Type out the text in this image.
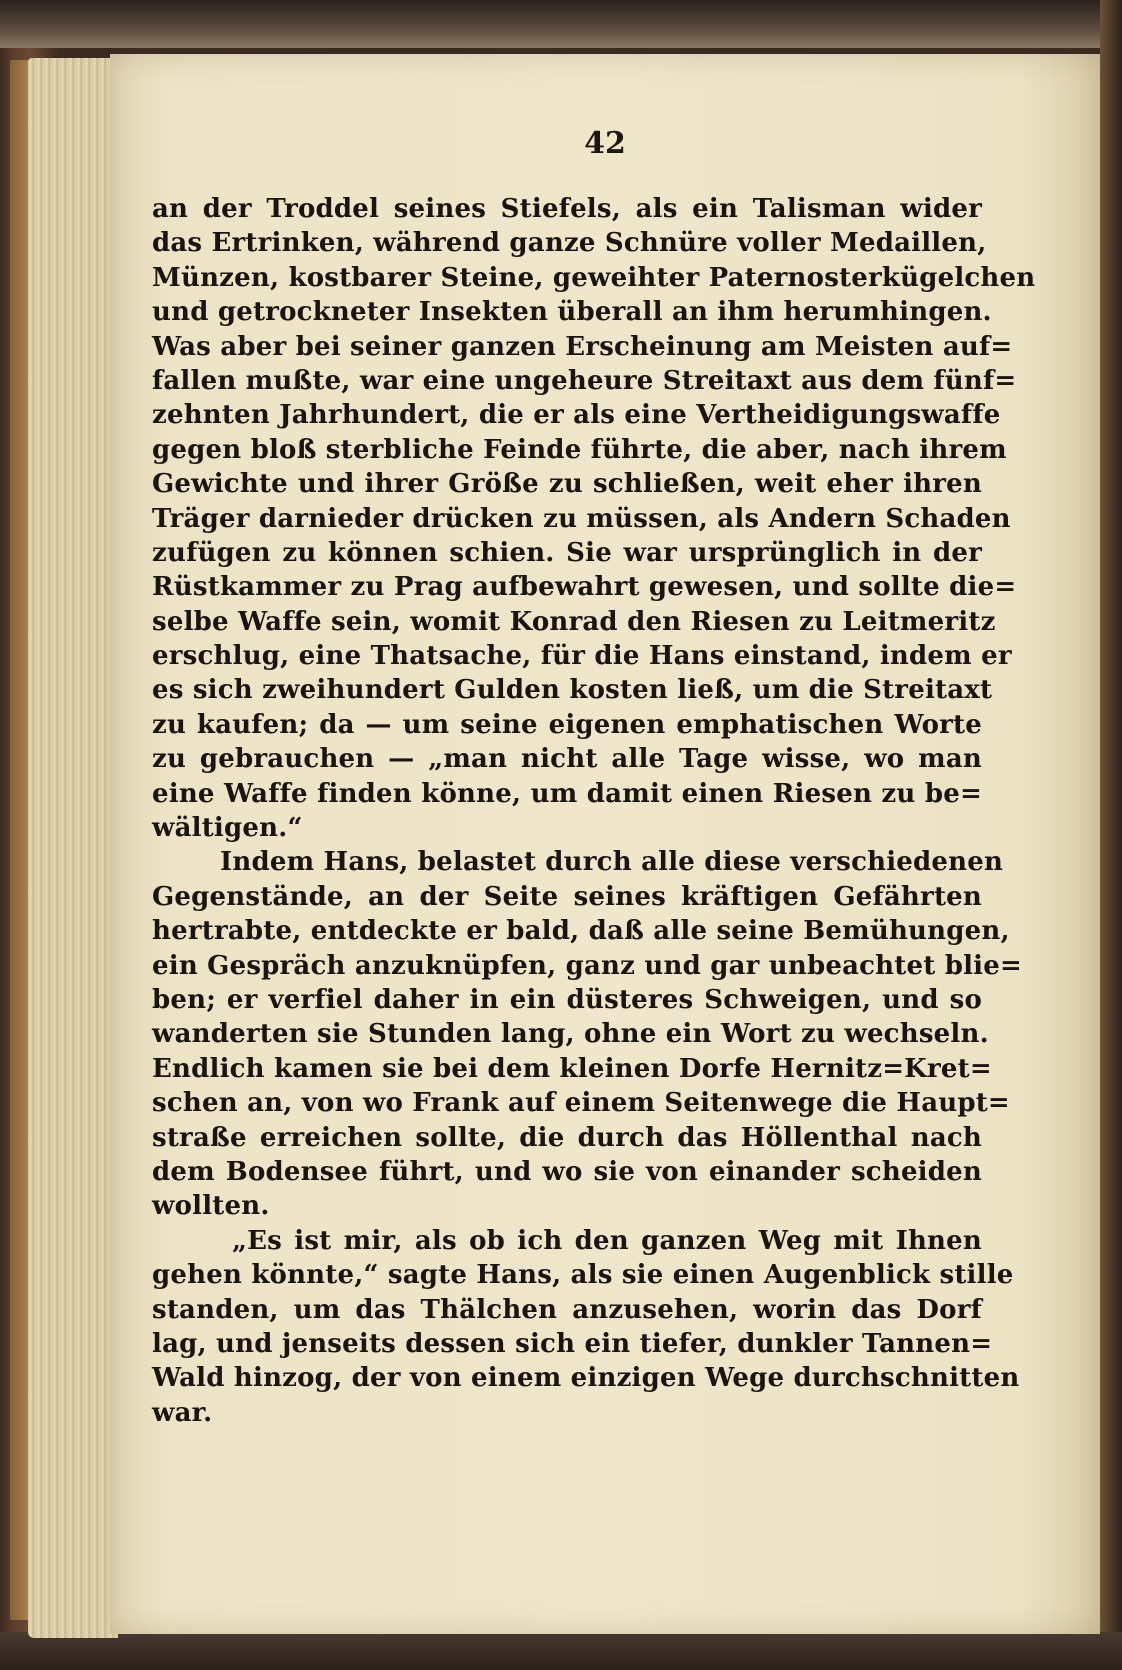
42
an der Troddel seines Stiefels, als ein Talisman wider
das Ertrinken, während ganze Schnüre voller Medaillen,
Münzen, kostbarer Steine, geweihter Paternosterkügelchen
und getrockneter Insekten überall an ihm herumhingen.
Was aber bei seiner ganzen Erscheinung am Meisten auf=
fallen mußte, war eine ungeheure Streitaxt aus dem fünf=
zehnten Jahrhundert, die er als eine Vertheidigungswaffe
gegen bloß sterbliche Feinde führte, die aber, nach ihrem
Gewichte und ihrer Größe zu schließen, weit eher ihren
Träger darnieder drücken zu müssen, als Andern Schaden
zufügen zu können schien. Sie war ursprünglich in der
Rüstkammer zu Prag aufbewahrt gewesen, und sollte die=
selbe Waffe sein, womit Konrad den Riesen zu Leitmeritz
erschlug, eine Thatsache, für die Hans einstand, indem er
es sich zweihundert Gulden kosten ließ, um die Streitaxt
zu kaufen; da — um seine eigenen emphatischen Worte
zu gebrauchen — „man nicht alle Tage wisse, wo man
eine Waffe finden könne, um damit einen Riesen zu be=
wältigen.“
Indem Hans, belastet durch alle diese verschiedenen
Gegenstände, an der Seite seines kräftigen Gefährten
hertrabte, entdeckte er bald, daß alle seine Bemühungen,
ein Gespräch anzuknüpfen, ganz und gar unbeachtet blie=
ben; er verfiel daher in ein düsteres Schweigen, und so
wanderten sie Stunden lang, ohne ein Wort zu wechseln.
Endlich kamen sie bei dem kleinen Dorfe Hernitz=Kret=
schen an, von wo Frank auf einem Seitenwege die Haupt=
straße erreichen sollte, die durch das Höllenthal nach
dem Bodensee führt, und wo sie von einander scheiden
wollten.
„Es ist mir, als ob ich den ganzen Weg mit Ihnen
gehen könnte,“ sagte Hans, als sie einen Augenblick stille
standen, um das Thälchen anzusehen, worin das Dorf
lag, und jenseits dessen sich ein tiefer, dunkler Tannen=
Wald hinzog, der von einem einzigen Wege durchschnitten
war.
